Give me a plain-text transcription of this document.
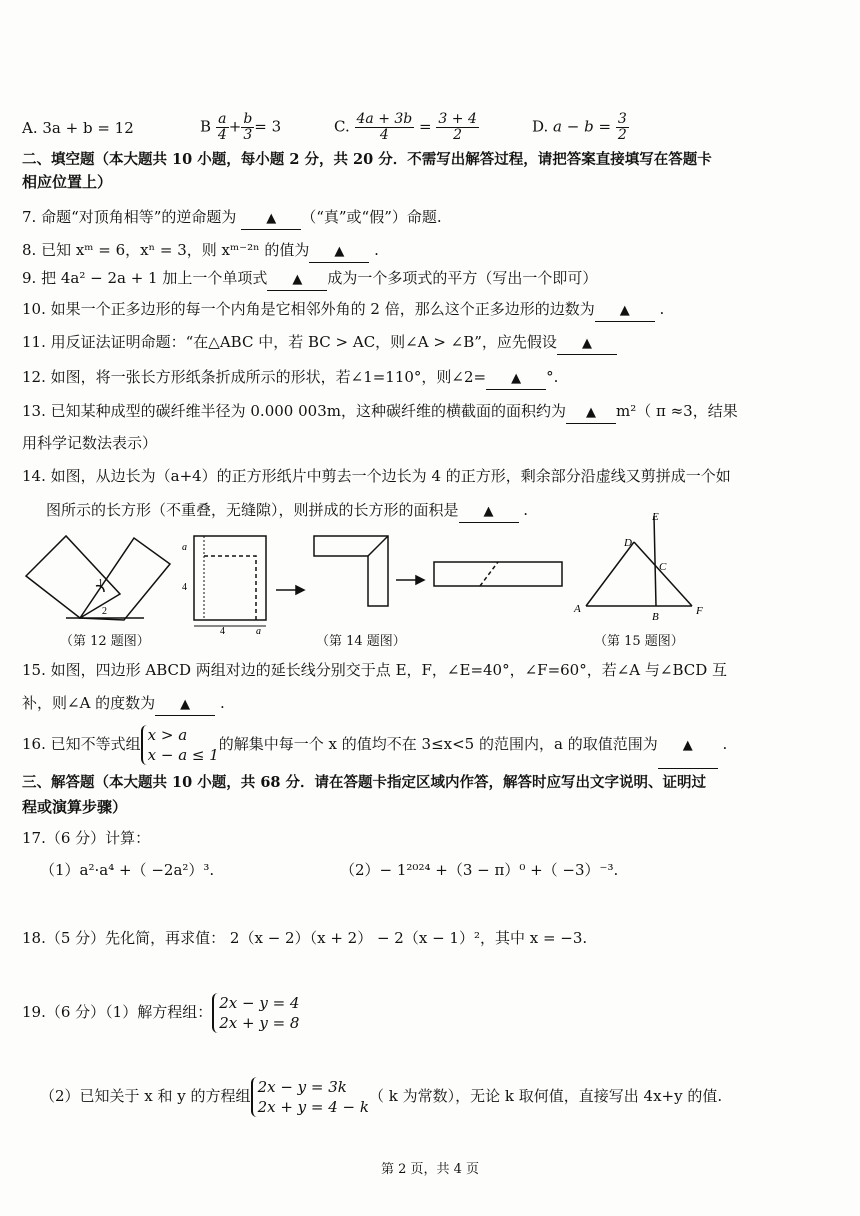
A. 3a + b = 12	B $\frac{a}{4} + \frac{b}{3} = 3$	C. $\frac{4a + 3b}{4} = \frac{3 + 4}{2}$	D. $a - b = \frac{3}{2}$
二、填空题（本大题共 10 小题，每小题 2 分，共 20 分．不需写出解答过程，请把答案直接填写在答题卡
相应位置上）
7. 命题“对顶角相等”的逆命题为 ▲ （“真”或“假”）命题.
8. 已知 xᵐ = 6，xⁿ = 3，则 xᵐ⁻²ⁿ 的值为 ▲ .
9. 把 4a² − 2a + 1 加上一个单项式 ▲ 成为一个多项式的平方（写出一个即可）
10. 如果一个正多边形的每一个内角是它相邻外角的 2 倍，那么这个正多边形的边数为 ▲ .
11. 用反证法证明命题：“在△ABC 中，若 BC > AC，则∠A > ∠B”，应先假设 ▲
12. 如图，将一张长方形纸条折成所示的形状，若∠1=110°，则∠2= ▲ °.
13. 已知某种成型的碳纤维半径为 0.000 003m，这种碳纤维的横截面的面积约为 ▲ m²（ π ≈3，结果
用科学记数法表示）
14. 如图，从边长为（a+4）的正方形纸片中剪去一个边长为 4 的正方形，剩余部分沿虚线又剪拼成一个如
图所示的长方形（不重叠，无缝隙），则拼成的长方形的面积是 ▲ .
1
2
（第 12 题图）
a
4
4	a
（第 14 题图）
A
B
C
D
E
F
（第 15 题图）
15. 如图，四边形 ABCD 两组对边的延长线分别交于点 E，F，∠E=40°，∠F=60°，若∠A 与∠BCD 互
补，则∠A 的度数为 ▲ .
16. 已知不等式组 x > a
x − a ≤ 1
的解集中每一个 x 的值均不在 3≤x<5 的范围内，a 的取值范围为 ▲ .
三、解答题（本大题共 10 小题，共 68 分．请在答题卡指定区域内作答，解答时应写出文字说明、证明过
程或演算步骤）
17.（6 分）计算：
（1）a²·a⁴ +（ −2a²）³.	（2）− 1²⁰²⁴ +（3 − π）⁰ +（ −3）⁻³.
18.（5 分）先化简，再求值： 2（x − 2）（x + 2） − 2（x − 1）²，其中 x = −3.
19.（6 分）（1）解方程组： 2x − y = 4
2x + y = 8
（2）已知关于 x 和 y 的方程组 2x − y = 3k
2x + y = 4 − k
（ k 为常数），无论 k 取何值，直接写出 4x+y 的值.
第 2 页，共 4 页
